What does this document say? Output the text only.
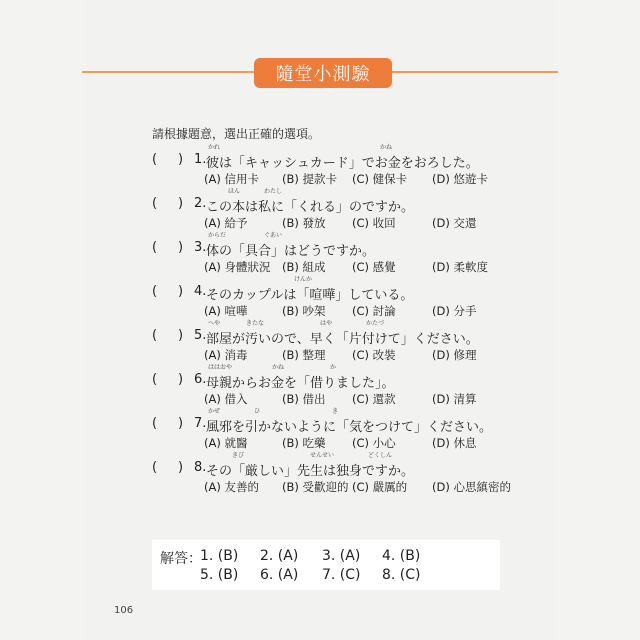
隨堂小測驗
請根據題意，選出正確的選項。
かれ	かね
( ) 1. 彼は「キャッシュカード」でお金をおろした。
(A) 信用卡 (B) 提款卡 (C) 健保卡 (D) 悠遊卡
ほん	わたし
( ) 2. この本は私に「くれる」のですか。
(A) 給予	(B) 發放 (C) 收回	(D) 交還
からだ	ぐあい
( ) 3. 体の「具合」はどうですか。
(A) 身體狀況 (B) 組成 (C) 感覺	(D) 柔軟度
けんか
( ) 4. そのカップルは「喧嘩」している。
(A) 喧嘩	(B) 吵架 (C) 討論	(D) 分手
へや	きたな	はや	かたづ
( ) 5. 部屋が汚いので、早く「片付けて」ください。
(A) 消毒	(B) 整理 (C) 改裝	(D) 修理
ははおや	かね	か
( ) 6. 母親からお金を「借りました」。
(A) 借入	(B) 借出 (C) 還款	(D) 清算
かぜ	ひ	き
( ) 7. 風邪を引かないように「気をつけて」ください。
(A) 就醫	(B) 吃藥 (C) 小心	(D) 休息
きび	せんせい	どくしん
( ) 8. その「厳しい」先生は独身ですか。
(A) 友善的 (B) 受歡迎的 (C) 嚴厲的 (D) 心思縝密的
解答：
1. (B) 2. (A) 3. (A) 4. (B)
5. (B) 6. (A) 7. (C) 8. (C)
106
